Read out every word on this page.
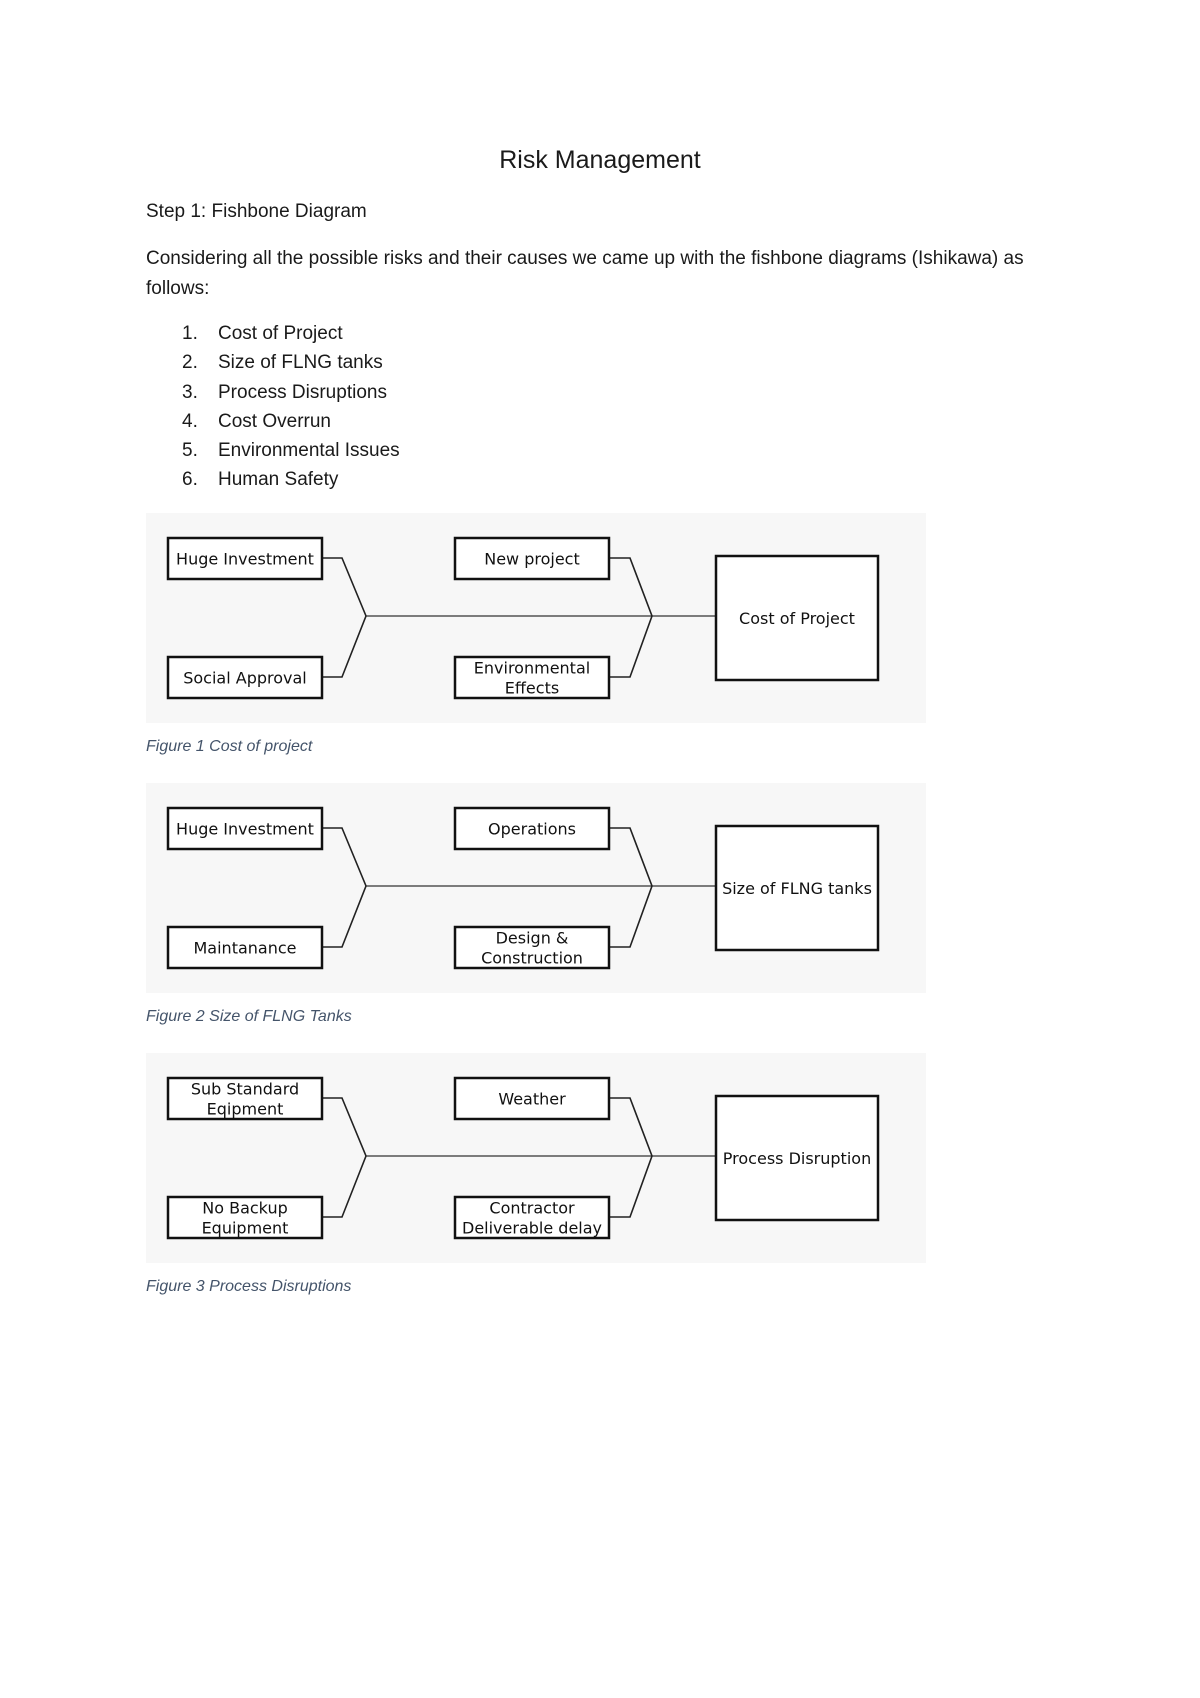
Risk Management
Step 1: Fishbone Diagram
Considering all the possible risks and their causes we came up with the fishbone diagrams (Ishikawa) as follows:
1.	Cost of Project
2.	Size of FLNG tanks
3.	Process Disruptions
4.	Cost Overrun
5.	Environmental Issues
6.	Human Safety
Huge Investment
Social Approval
New project
Environmental
Effects
Cost of Project
Figure 1 Cost of project
Huge Investment
Maintanance
Operations
Design &
Construction
Size of FLNG tanks
Figure 2 Size of FLNG Tanks
Sub Standard
Eqipment
No Backup
Equipment
Weather
Contractor
Deliverable delay
Process Disruption
Figure 3 Process Disruptions
